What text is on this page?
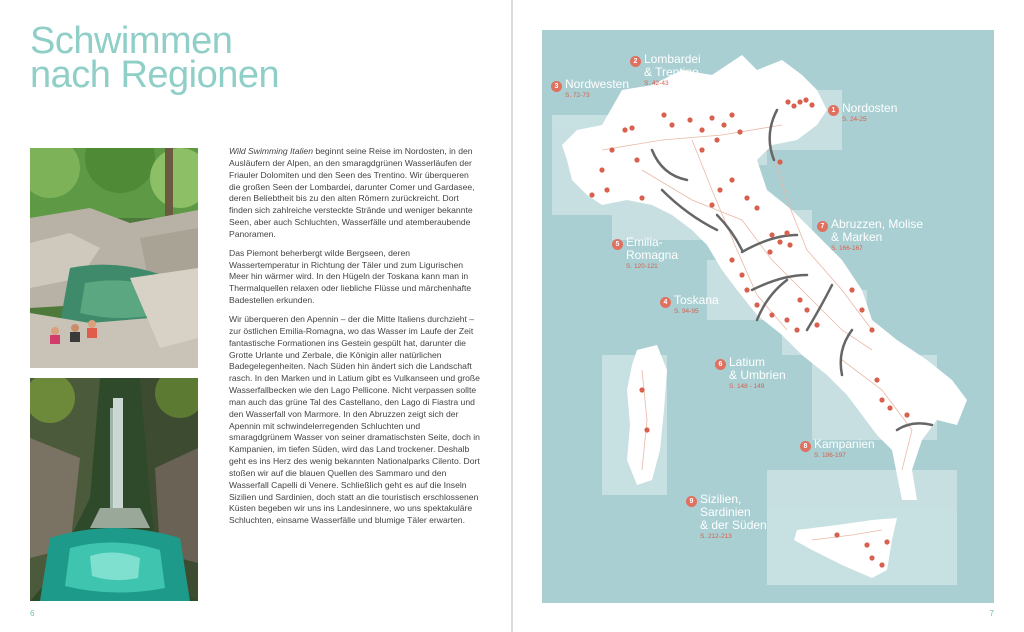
Schwimmen
nach Regionen

Wild Swimming Italien beginnt seine Reise im Nordosten, in den Ausläufern der Alpen, an den smaragdgrünen Wasserläufen der Friauler Dolomiten und den Seen des Trentino. Wir überqueren die großen Seen der Lombardei, darunter Comer und Gardasee, deren Beliebtheit bis zu den alten Römern zurückreicht. Dort finden sich zahlreiche versteckte Strände und weniger bekannte Seen, aber auch Schluchten, Wasserfälle und atemberaubende Panoramen.

Das Piemont beherbergt wilde Bergseen, deren Wassertemperatur in Richtung der Täler und zum Ligurischen Meer hin wärmer wird. In den Hügeln der Toskana kann man in Thermalquellen relaxen oder liebliche Flüsse und märchenhafte Badestellen erkunden.

Wir überqueren den Apennin – der die Mitte Italiens durchzieht – zur östlichen Emilia-Romagna, wo das Wasser im Laufe der Zeit fantastische Formationen ins Gestein gespült hat, darunter die Grotte Urlante und Zerbale, die Königin aller natürlichen Badegelegenheiten. Nach Süden hin ändert sich die Landschaft rasch. In den Marken und in Latium gibt es Vulkanseen und große Wasserfallbecken wie den Lago Pellicone. Nicht verpassen sollte man auch das grüne Tal des Castellano, den Lago di Fiastra und den Wasserfall von Marmore. In den Abruzzen zeigt sich der Apennin mit schwindelerregenden Schluchten und smaragdgrünem Wasser von seiner dramatischsten Seite, doch in Kampanien, im tiefen Süden, wird das Land trockener. Deshalb geht es ins Herz des wenig bekannten Nationalparks Cilento. Dort stoßen wir auf die blauen Quellen des Sammaro und den Wasserfall Capelli di Venere. Schließlich geht es auf die Inseln Sizilien und Sardinien, doch statt an die touristisch erschlossenen Küsten begeben wir uns ins Landesinnere, wo uns spektakuläre Schluchten, einsame Wasserfälle und blumige Täler erwarten.

6
1 Nordosten
S. 24-25
2 Lombardei
& Trentino
S. 42-43
3 Nordwesten
S. 72-73
4 Toskana
S. 94-95
5 Emilia-
Romagna
S. 120-121
6 Latium
& Umbrien
S. 148 - 149
7 Abruzzen, Molise
& Marken
S. 166-167
8 Kampanien
S. 196-197
9 Sizilien,
Sardinien
& der Süden
S. 212-213
7
